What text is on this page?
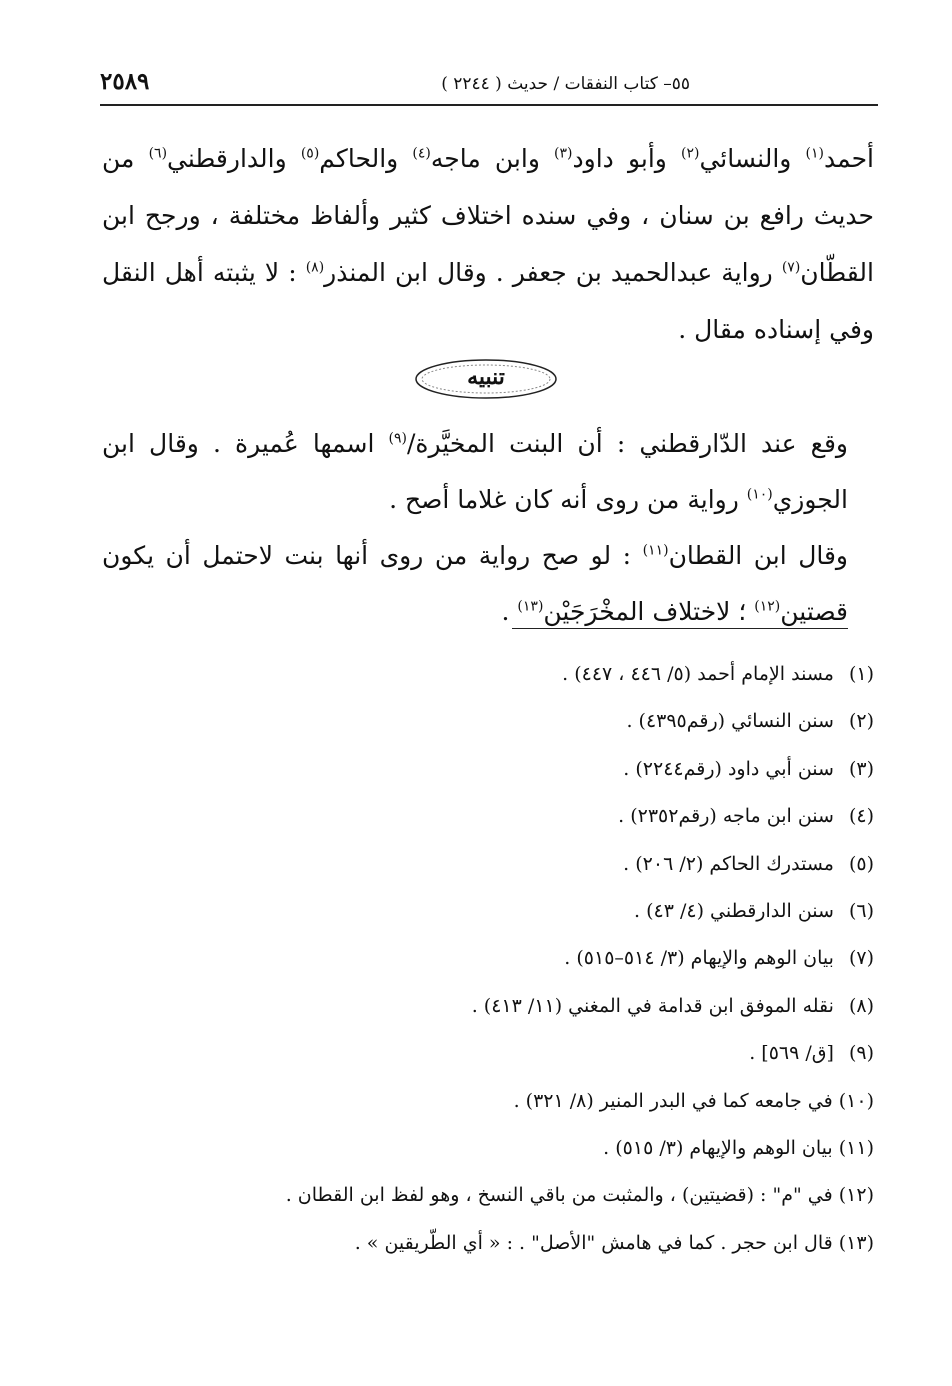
٥٥– كتاب النفقات / حديث ( ٢٢٤٤ )
٢٥٨٩

أحمد$^{(١)}$ والنسائي$^{(٢)}$ وأبو داود$^{(٣)}$ وابن ماجه$^{(٤)}$ والحاكم$^{(٥)}$ والدارقطني$^{(٦)}$ من حديث رافع بن سنان ، وفي سنده اختلاف كثير وألفاظ مختلفة ، ورجح ابن القطّان$^{(٧)}$ رواية عبدالحميد بن جعفر . وقال ابن المنذر$^{(٨)}$ : لا يثبته أهل النقل وفي إسناده مقال .

تنبيه

وقع عند الدّارقطني : أن البنت المخيَّرة/$^{(٩)}$ اسمها عُميرة . وقال ابن الجوزي$^{(١٠)}$ رواية من روى أنه كان غلاما أصح .

وقال ابن القطان$^{(١١)}$ : لو صح رواية من روى أنها بنت لاحتمل أن يكون قصتين$^{(١٢)}$ ؛ لاختلاف المخْرَجَيْن$^{(١٣)}$ .

(١) مسند الإمام أحمد (٥/ ٤٤٦ ، ٤٤٧) .
(٢) سنن النسائي (رقم٤٣٩٥) .
(٣) سنن أبي داود (رقم٢٢٤٤) .
(٤) سنن ابن ماجه (رقم٢٣٥٢) .
(٥) مستدرك الحاكم (٢/ ٢٠٦) .
(٦) سنن الدارقطني (٤/ ٤٣) .
(٧) بيان الوهم والإيهام (٣/ ٥١٤–٥١٥) .
(٨) نقله الموفق ابن قدامة في المغني (١١/ ٤١٣) .
(٩) [ق/ ٥٦٩] .
(١٠) في جامعه كما في البدر المنير (٨/ ٣٢١) .
(١١) بيان الوهم والإيهام (٣/ ٥١٥) .
(١٢) في "م" : (قضيتين) ، والمثبت من باقي النسخ ، وهو لفظ ابن القطان .
(١٣) قال ابن حجر . كما في هامش "الأصل" . : « أي الطّريقين » .
